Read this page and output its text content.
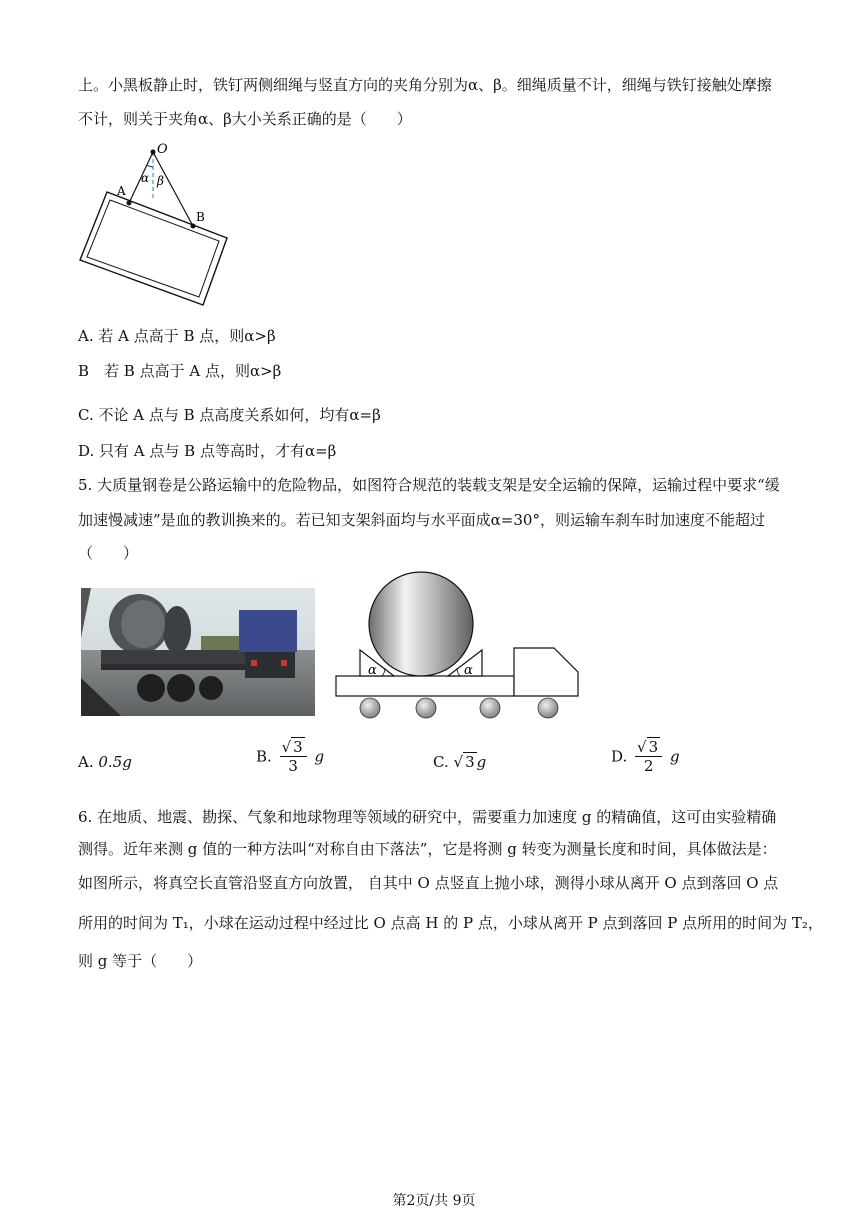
上。小黑板静止时，铁钉两侧细绳与竖直方向的夹角分别为α、β。细绳质量不计，细绳与铁钉接触处摩擦
不计，则关于夹角α、β大小关系正确的是（　　）
O
A
B
α β
A. 若 A 点高于 B 点，则α>β
B　若 B 点高于 A 点，则α>β
C. 不论 A 点与 B 点高度关系如何，均有α=β
D. 只有 A 点与 B 点等高时，才有α=β
5. 大质量钢卷是公路运输中的危险物品，如图符合规范的装载支架是安全运输的保障，运输过程中要求“缓
加速慢减速”是血的教训换来的。若已知支架斜面均与水平面成α=30°，则运输车刹车时加速度不能超过
（　　）
α	α
A. 0.5g	B. $\frac{√ 3}{3}$ g	C. √ 3 g	D. $\frac{√ 3}{2}$ g
6. 在地质、地震、勘探、气象和地球物理等领域的研究中，需要重力加速度 g 的精确值，这可由实验精确
测得。近年来测 g 值的一种方法叫“对称自由下落法”，它是将测 g 转变为测量长度和时间，具体做法是：
如图所示，将真空长直管沿竖直方向放置， 自其中 O 点竖直上抛小球，测得小球从离开 O 点到落回 O 点
所用的时间为 T₁，小球在运动过程中经过比 O 点高 H 的 P 点，小球从离开 P 点到落回 P 点所用的时间为 T₂，
则 g 等于（　　）
第2页/共 9页
